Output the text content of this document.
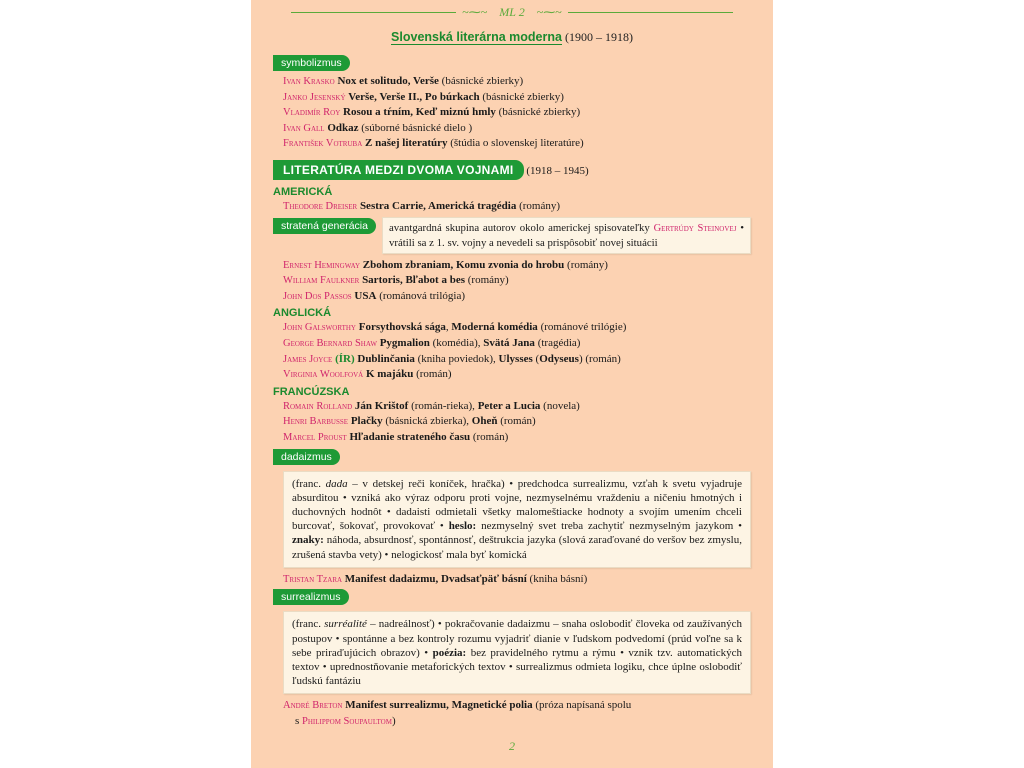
~⁓~ ML 2 ~⁓~
Slovenská literárna moderna (1900 – 1918)
symbolizmus
Ivan Krasko Nox et solitudo, Verše (básnické zbierky)
Janko Jesenský Verše, Verše II., Po búrkach (básnické zbierky)
Vladimír Roy Rosou a tŕním, Keď miznú hmly (básnické zbierky)
Ivan Gall Odkaz (súborné básnické dielo )
František Votruba Z našej literatúry (štúdia o slovenskej literatúre)
LITERATÚRA MEDZI DVOMA VOJNAMI (1918 – 1945)
AMERICKÁ
Theodore Dreiser Sestra Carrie, Americká tragédia (romány)
stratená generácia	avantgardná skupina autorov okolo americkej spisovateľky Gertrúdy Steinovej • vrátili sa z 1. sv. vojny a nevedeli sa prispôsobiť novej situácii
Ernest Hemingway Zbohom zbraniam, Komu zvonia do hrobu (romány)
William Faulkner Sartoris, Bľabot a bes (romány)
John Dos Passos USA (románová trilógia)
ANGLICKÁ
John Galsworthy Forsythovská sága, Moderná komédia (románové trilógie)
George Bernard Shaw Pygmalion (komédia), Svätá Jana (tragédia)
James Joyce (ÍR) Dublinčania (kniha poviedok), Ulysses (Odyseus) (román)
Virginia Woolfová K majáku (román)
FRANCÚZSKA
Romain Rolland Ján Krištof (román-rieka), Peter a Lucia (novela)
Henri Barbusse Plačky (básnická zbierka), Oheň (román)
Marcel Proust Hľadanie strateného času (román)
dadaizmus
(franc. dada – v detskej reči koníček, hračka) • predchodca surrealizmu, vzťah k svetu vyjadruje absurditou • vzniká ako výraz odporu proti vojne, nezmyselnému vraždeniu a ničeniu hmotných i duchovných hodnôt • dadaisti odmietali všetky malomeštiacke hodnoty a svojím umením chceli burcovať, šokovať, provokovať • heslo: nezmyselný svet treba zachytiť nezmyselným jazykom • znaky: náhoda, absurdnosť, spontánnosť, deštrukcia jazyka (slová zaraďované do veršov bez zmyslu, zrušená stavba vety) • nelogickosť mala byť komická
Tristan Tzara Manifest dadaizmu, Dvadsaťpäť básní (kniha básní)
surrealizmus
(franc. surréalité – nadreálnosť) • pokračovanie dadaizmu – snaha oslobodiť človeka od zaužívaných postupov • spontánne a bez kontroly rozumu vyjadriť dianie v ľudskom podvedomí (prúd voľne sa k sebe priraďujúcich obrazov) • poézia: bez pravidelného rytmu a rýmu • vznik tzv. automatických textov • uprednostňovanie metaforických textov • surrealizmus odmieta logiku, chce úplne oslobodiť ľudskú fantáziu
André Breton Manifest surrealizmu, Magnetické polia (próza napísaná spolu
s Philippom Soupaultom)
2
